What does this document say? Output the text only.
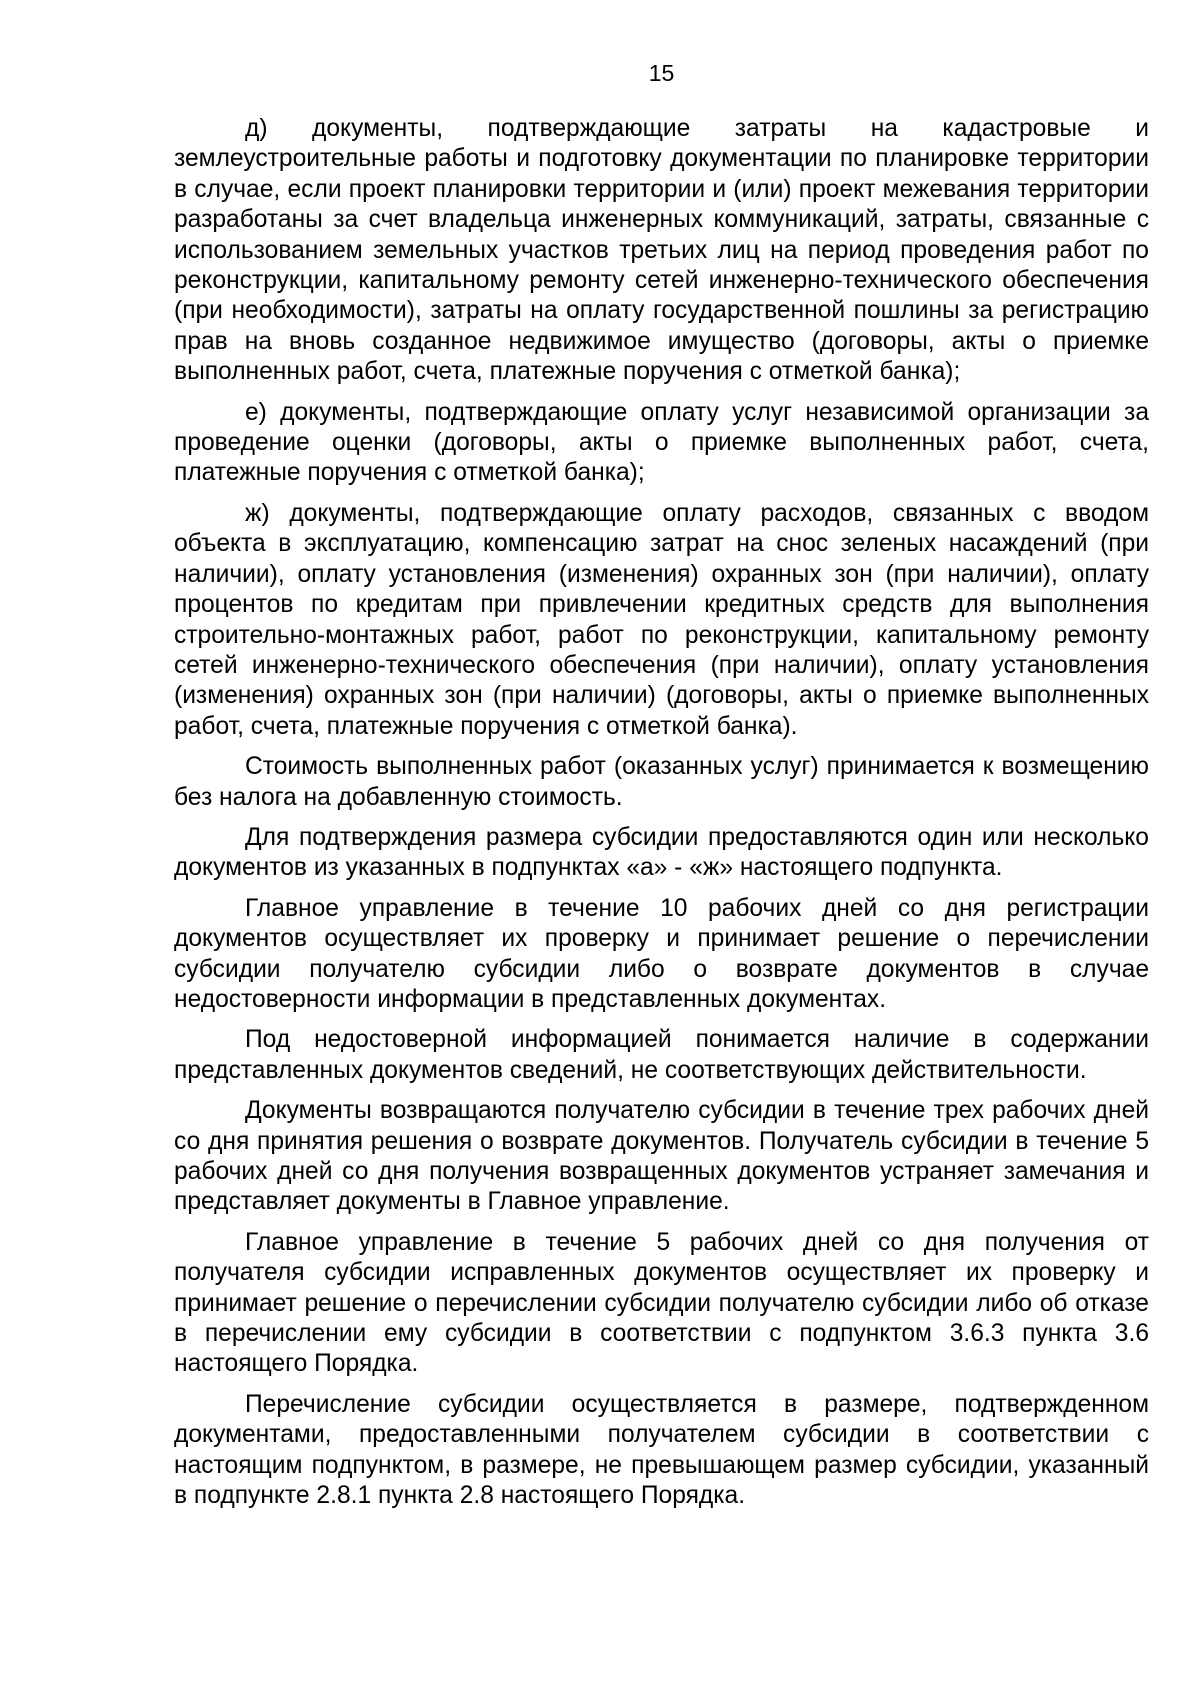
15

д) документы, подтверждающие затраты на кадастровые и землеустроительные работы и подготовку документации по планировке территории в случае, если проект планировки территории и (или) проект межевания территории разработаны за счет владельца инженерных коммуникаций, затраты, связанные с использованием земельных участков третьих лиц на период проведения работ по реконструкции, капитальному ремонту сетей инженерно-технического обеспечения (при необходимости), затраты на оплату государственной пошлины за регистрацию прав на вновь созданное недвижимое имущество (договоры, акты о приемке выполненных работ, счета, платежные поручения с отметкой банка);

е) документы, подтверждающие оплату услуг независимой организации за проведение оценки (договоры, акты о приемке выполненных работ, счета, платежные поручения с отметкой банка);

ж) документы, подтверждающие оплату расходов, связанных с вводом объекта в эксплуатацию, компенсацию затрат на снос зеленых насаждений (при наличии), оплату установления (изменения) охранных зон (при наличии), оплату процентов по кредитам при привлечении кредитных средств для выполнения строительно-монтажных работ, работ по реконструкции, капитальному ремонту сетей инженерно-технического обеспечения (при наличии), оплату установления (изменения) охранных зон (при наличии) (договоры, акты о приемке выполненных работ, счета, платежные поручения с отметкой банка).

Стоимость выполненных работ (оказанных услуг) принимается к возмещению без налога на добавленную стоимость.

Для подтверждения размера субсидии предоставляются один или несколько документов из указанных в подпунктах «а» - «ж» настоящего подпункта.

Главное управление в течение 10 рабочих дней со дня регистрации документов осуществляет их проверку и принимает решение о перечислении субсидии получателю субсидии либо о возврате документов в случае недостоверности информации в представленных документах.

Под недостоверной информацией понимается наличие в содержании представленных документов сведений, не соответствующих действительности.

Документы возвращаются получателю субсидии в течение трех рабочих дней со дня принятия решения о возврате документов. Получатель субсидии в течение 5 рабочих дней со дня получения возвращенных документов устраняет замечания и представляет документы в Главное управление.

Главное управление в течение 5 рабочих дней со дня получения от получателя субсидии исправленных документов осуществляет их проверку и принимает решение о перечислении субсидии получателю субсидии либо об отказе в перечислении ему субсидии в соответствии с подпунктом 3.6.3 пункта 3.6 настоящего Порядка.

Перечисление субсидии осуществляется в размере, подтвержденном документами, предоставленными получателем субсидии в соответствии с настоящим подпунктом, в размере, не превышающем размер субсидии, указанный в подпункте 2.8.1 пункта 2.8 настоящего Порядка.
